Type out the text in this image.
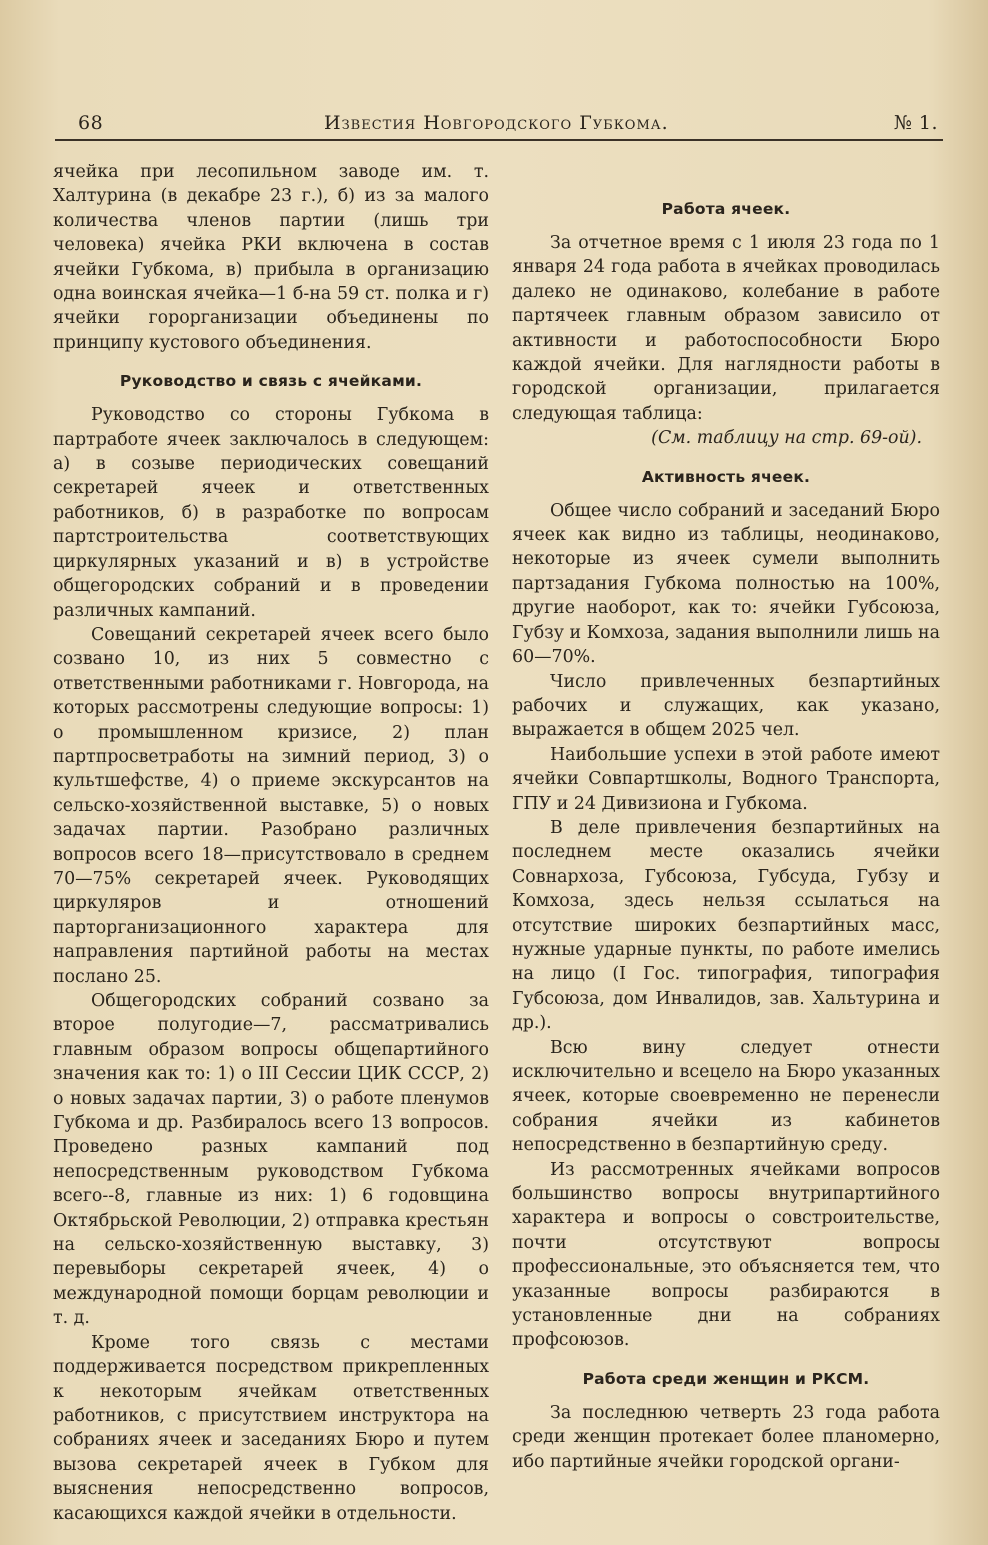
68	Известия Новгородского Губкома.	№ 1.

ячейка при лесопильном заводе им. т. Халтурина (в декабре 23 г.), б) из за малого количества членов партии (лишь три человека) ячейка РКИ включена в состав ячейки Губкома, в) прибыла в организацию одна воинская ячейка—1 б-на 59 ст. полка и г) ячейки горорганизации объединены по принципу кустового объединения.

Руководство и связь с ячейками.

Руководство со стороны Губкома в партработе ячеек заключалось в следующем: а) в созыве периодических совещаний секретарей ячеек и ответственных работников, б) в разработке по вопросам партстроительства соответствующих циркулярных указаний и в) в устройстве общегородских собраний и в проведении различных кампаний.

Совещаний секретарей ячеек всего было созвано 10, из них 5 совместно с ответственными работниками г. Новгорода, на которых рассмотрены следующие вопросы: 1) о промышленном кризисе, 2) план партпросветработы на зимний период, 3) о культшефстве, 4) о приеме экскурсантов на сельско-хозяйственной выставке, 5) о новых задачах партии. Разобрано различных вопросов всего 18—присутствовало в среднем 70—75% секретарей ячеек. Руководящих циркуляров и отношений парторганизационного характера для направления партийной работы на местах послано 25.

Общегородских собраний созвано за второе полугодие—7, рассматривались главным образом вопросы общепартийного значения как то: 1) о III Сессии ЦИК СССР, 2) о новых задачах партии, 3) о работе пленумов Губкома и др. Разбиралось всего 13 вопросов. Проведено разных кампаний под непосредственным руководством Губкома всего--8, главные из них: 1) 6 годовщина Октябрьской Революции, 2) отправка крестьян на сельско-хозяйственную выставку, 3) перевыборы секретарей ячеек, 4) о международной помощи борцам революции и т. д.

Кроме того связь с местами поддерживается посредством прикрепленных к некоторым ячейкам ответственных работников, с присутствием инструктора на собраниях ячеек и заседаниях Бюро и путем вызова секретарей ячеек в Губком для выяснения непосредственно вопросов, касающихся каждой ячейки в отдельности.

Работа ячеек.

За отчетное время с 1 июля 23 года по 1 января 24 года работа в ячейках проводилась далеко не одинаково, колебание в работе партячеек главным образом зависило от активности и работоспособности Бюро каждой ячейки. Для наглядности работы в городской организации, прилагается следующая таблица:

(См. таблицу на стр. 69-ой).

Активность ячеек.

Общее число собраний и заседаний Бюро ячеек как видно из таблицы, неодинаково, некоторые из ячеек сумели выполнить партзадания Губкома полностью на 100%, другие наоборот, как то: ячейки Губсоюза, Губзу и Комхоза, задания выполнили лишь на 60—70%.

Число привлеченных безпартийных рабочих и служащих, как указано, выражается в общем 2025 чел.

Наибольшие успехи в этой работе имеют ячейки Совпартшколы, Водного Транспорта, ГПУ и 24 Дивизиона и Губкома.

В деле привлечения безпартийных на последнем месте оказались ячейки Совнархоза, Губсоюза, Губсуда, Губзу и Комхоза, здесь нельзя ссылаться на отсутствие широких безпартийных масс, нужные ударные пункты, по работе имелись на лицо (I Гос. типография, типография Губсоюза, дом Инвалидов, зав. Хальтурина и др.).

Всю вину следует отнести исключительно и всецело на Бюро указанных ячеек, которые своевременно не перенесли собрания ячейки из кабинетов непосредственно в безпартийную среду.

Из рассмотренных ячейками вопросов большинство вопросы внутрипартийного характера и вопросы о совстроительстве, почти отсутствуют вопросы профессиональные, это объясняется тем, что указанные вопросы разбираются в установленные дни на собраниях профсоюзов.

Работа среди женщин и РКСМ.

За последнюю четверть 23 года работа среди женщин протекает более планомерно, ибо партийные ячейки городской органи-
